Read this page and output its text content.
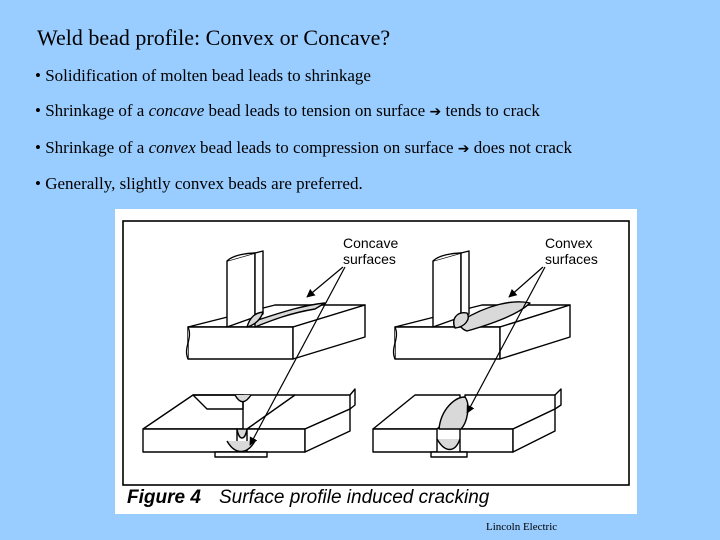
Weld bead profile: Convex or Concave?
• Solidification of molten bead leads to shrinkage
• Shrinkage of a concave bead leads to tension on surface ➔ tends to crack
• Shrinkage of a convex bead leads to compression on surface ➔ does not crack
• Generally, slightly convex beads are preferred.
Concave
surfaces
Convex
surfaces
Figure 4 Surface profile induced cracking
Lincoln Electric
